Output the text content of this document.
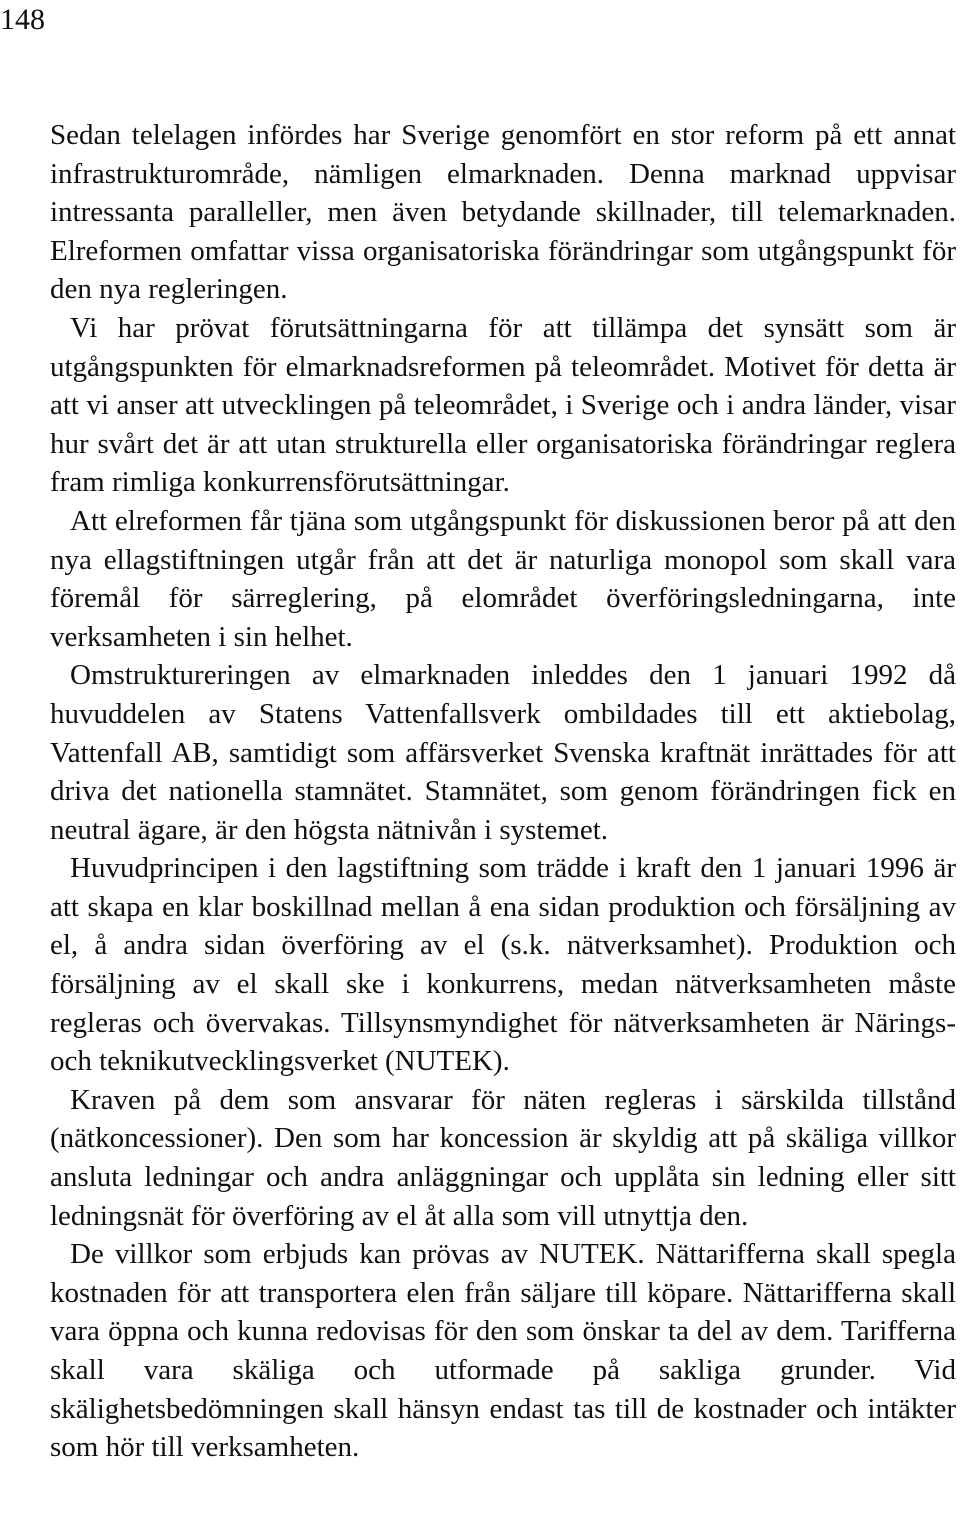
148

Sedan telelagen infördes har Sverige genomfört en stor reform på ett annat infrastrukturområde, nämligen elmarknaden. Denna marknad uppvisar intressanta paralleller, men även betydande skillnader, till telemarknaden. Elreformen omfattar vissa organisatoriska förändringar som utgångspunkt för den nya regleringen.

Vi har prövat förutsättningarna för att tillämpa det synsätt som är utgångspunkten för elmarknadsreformen på teleområdet. Motivet för detta är att vi anser att utvecklingen på teleområdet, i Sverige och i andra länder, visar hur svårt det är att utan strukturella eller organisatoriska förändringar reglera fram rimliga konkurrensförutsättningar.

Att elreformen får tjäna som utgångspunkt för diskussionen beror på att den nya ellagstiftningen utgår från att det är naturliga monopol som skall vara föremål för särreglering, på elområdet överföringsledningarna, inte verksamheten i sin helhet.

Omstruktureringen av elmarknaden inleddes den 1 januari 1992 då huvuddelen av Statens Vattenfallsverk ombildades till ett aktiebolag, Vattenfall AB, samtidigt som affärsverket Svenska kraftnät inrättades för att driva det nationella stamnätet. Stamnätet, som genom förändringen fick en neutral ägare, är den högsta nätnivån i systemet.

Huvudprincipen i den lagstiftning som trädde i kraft den 1 januari 1996 är att skapa en klar boskillnad mellan å ena sidan produktion och försäljning av el, å andra sidan överföring av el (s.k. nätverksamhet). Produktion och försäljning av el skall ske i konkurrens, medan nätverksamheten måste regleras och övervakas. Tillsynsmyndighet för nätverksamheten är Närings- och teknikutvecklingsverket (NUTEK).

Kraven på dem som ansvarar för näten regleras i särskilda tillstånd (nätkoncessioner). Den som har koncession är skyldig att på skäliga villkor ansluta ledningar och andra anläggningar och upplåta sin ledning eller sitt ledningsnät för överföring av el åt alla som vill utnyttja den.

De villkor som erbjuds kan prövas av NUTEK. Nättarifferna skall spegla kostnaden för att transportera elen från säljare till köpare. Nättarifferna skall vara öppna och kunna redovisas för den som önskar ta del av dem. Tarifferna skall vara skäliga och utformade på sakliga grunder. Vid skälighetsbedömningen skall hänsyn endast tas till de kostnader och intäkter som hör till verksamheten.
